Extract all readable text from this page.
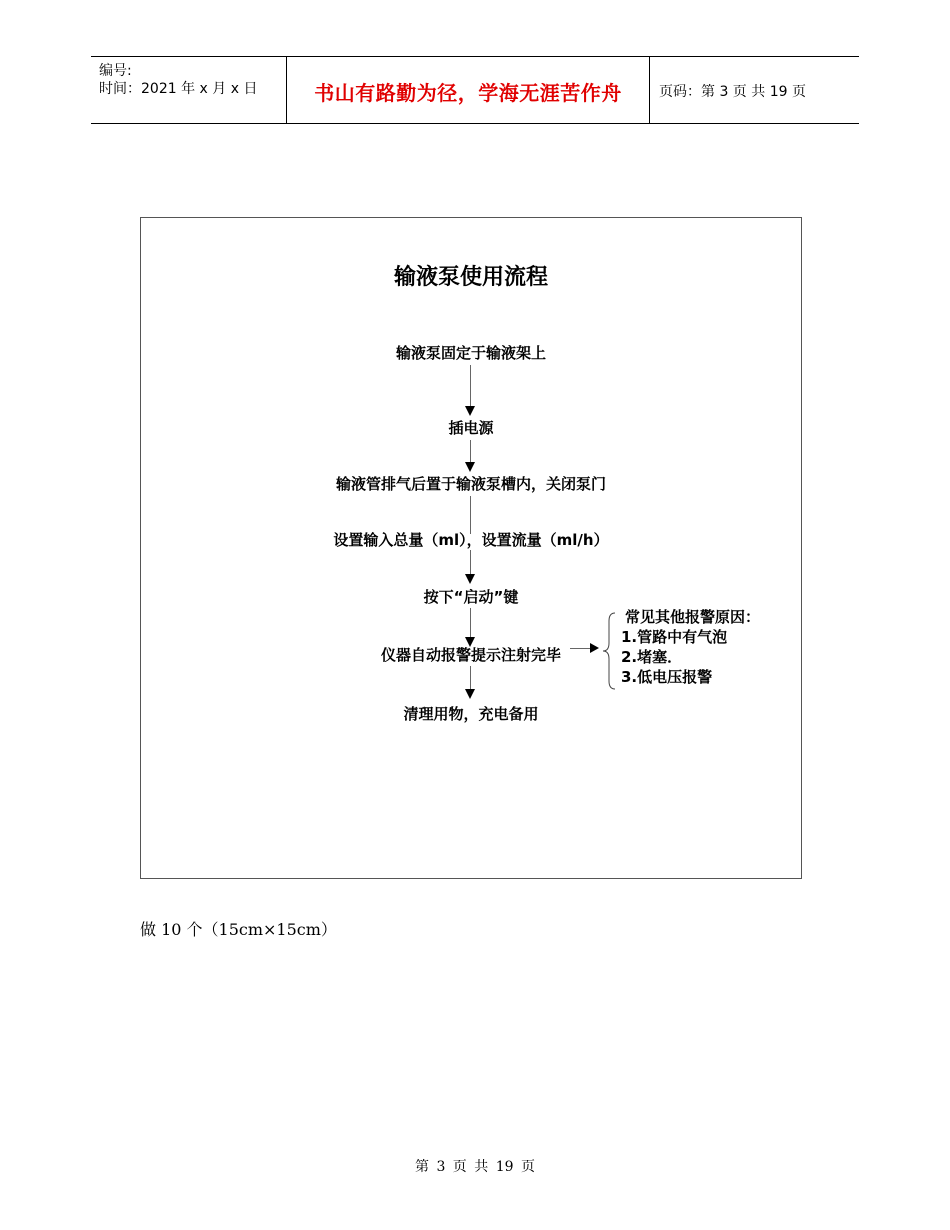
编号:
时间：2021 年 x 月 x 日	书山有路勤为径，学海无涯苦作舟	页码：第 3 页 共 19 页
输液泵使用流程
输液泵固定于输液架上
插电源
输液管排气后置于输液泵槽内，关闭泵门
设置输入总量（ml），设置流量（ml/h）
按下“启动”键
仪器自动报警提示注射完毕
清理用物，充电备用
常见其他报警原因：
1.管路中有气泡
2.堵塞．
3.低电压报警
做 10 个（15cm×15cm）
第 3 页 共 19 页
